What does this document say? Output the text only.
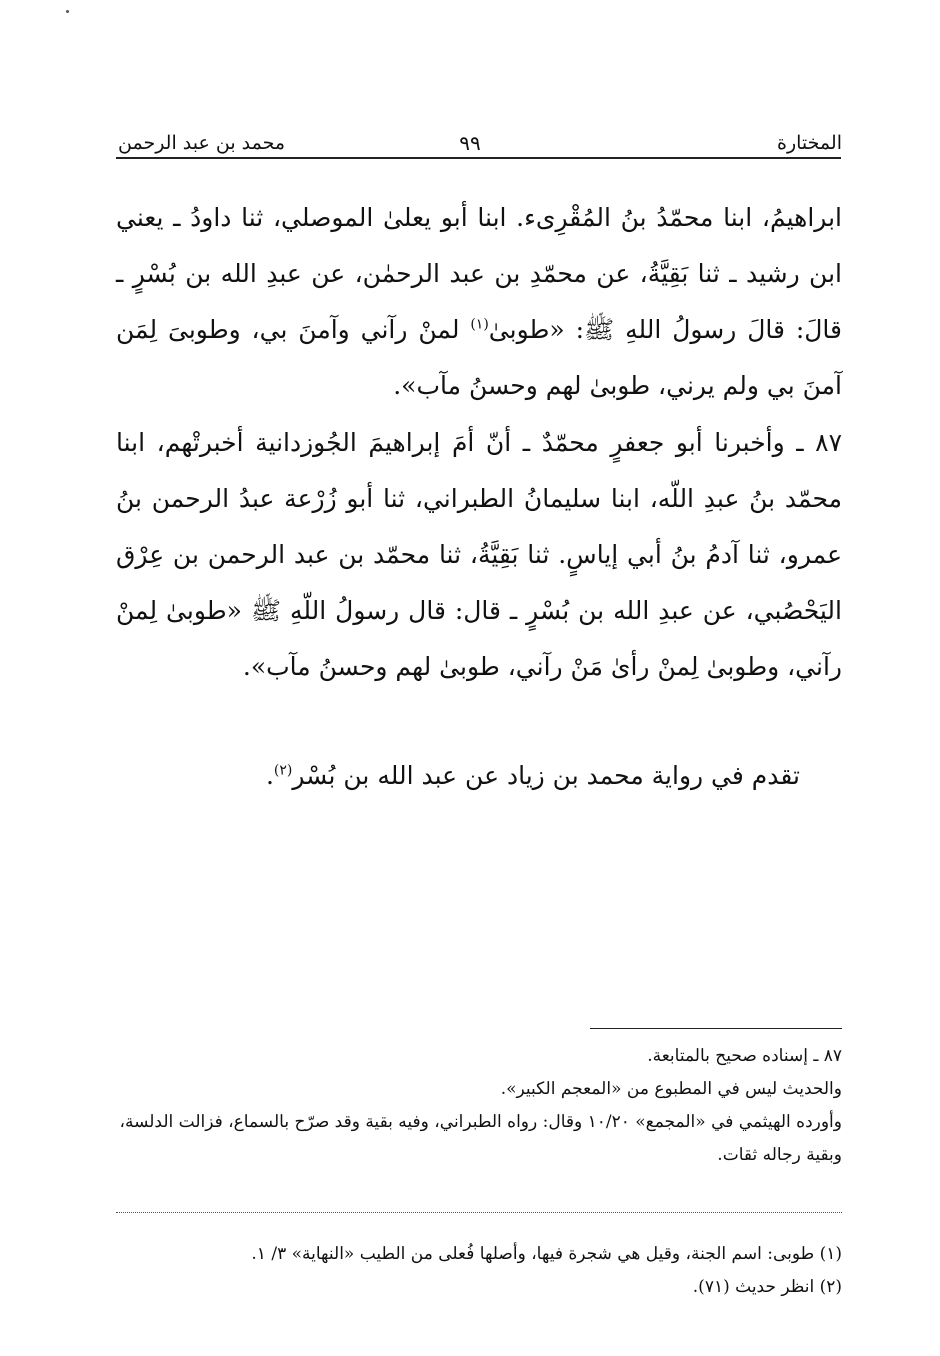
المختارة
٩٩
محمد بن عبد الرحمن

ابراهيمُ، ابنا محمّدُ بنُ المُقْرِىء. ابنا أبو يعلىٰ الموصلي، ثنا داودُ ـ يعني ابن رشيد ـ ثنا بَقِيَّةُ، عن محمّدِ بن عبد الرحمٰن، عن عبدِ الله بن بُسْرٍ ـ قالَ: قالَ رسولُ اللهِ ﷺ: «طوبىٰ$^{(١)}$ لمنْ رآني وآمنَ بي، وطوبىَ لِمَن آمنَ بي ولم يرني، طوبىٰ لهم وحسنُ مآب».

٨٧ ـ وأخبرنا أبو جعفرٍ محمّدٌ ـ أنّ أمَ إبراهيمَ الجُوزدانية أخبرتْهم، ابنا محمّد بنُ عبدِ اللّه، ابنا سليمانُ الطبراني، ثنا أبو زُرْعة عبدُ الرحمن بنُ عمرو، ثنا آدمُ بنُ أبي إياسٍ. ثنا بَقِيَّةُ، ثنا محمّد بن عبد الرحمن بن عِرْق اليَحْصُبي، عن عبدِ الله بن بُسْرٍ ـ قال: قال رسولُ اللّهِ ﷺ «طوبىٰ لِمنْ رآني، وطوبىٰ لِمنْ رأىٰ مَنْ رآني، طوبىٰ لهم وحسنُ مآب».

تقدم في رواية محمد بن زياد عن عبد الله بن بُسْر$^{(٢)}$.

٨٧ ـ إسناده صحيح بالمتابعة.

والحديث ليس في المطبوع من «المعجم الكبير».

وأورده الهيثمي في «المجمع» ١٠/٢٠ وقال: رواه الطبراني، وفيه بقية وقد صرّح بالسماع، فزالت الدلسة، وبقية رجاله ثقات.

(١) طوبى: اسم الجنة، وقيل هي شجرة فيها، وأصلها فُعلى من الطيب «النهاية» ٣/ ١.

(٢) انظر حديث (٧١).
